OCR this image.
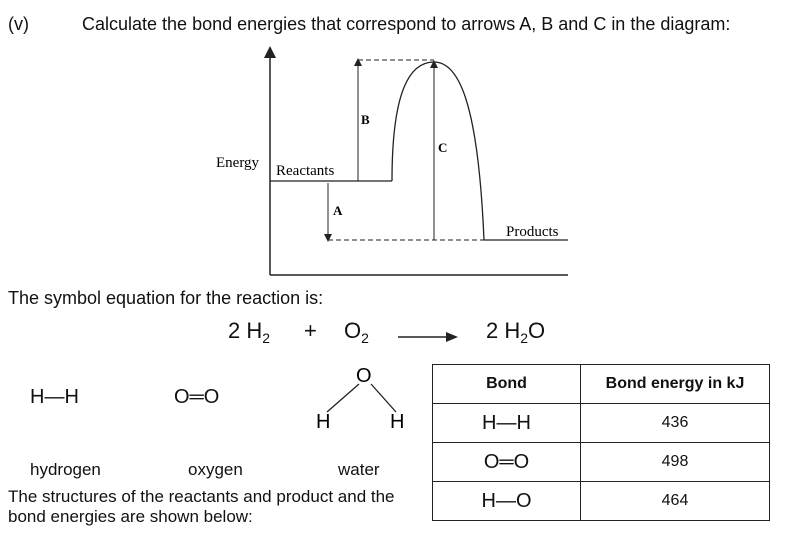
(v)	Calculate the bond energies that correspond to arrows A, B and C in the diagram:
Energy Reactants
Products
A
B
C
The symbol equation for the reaction is:
2 $H_2 + O_2$	2 $H_2O$
H—H	O═O
O
H	H
hydrogen	oxygen	water
The structures of the reactants and product and the bond energies are shown below:
Bond	Bond energy in kJ
H—H	436
O═O	498
H—O	464
